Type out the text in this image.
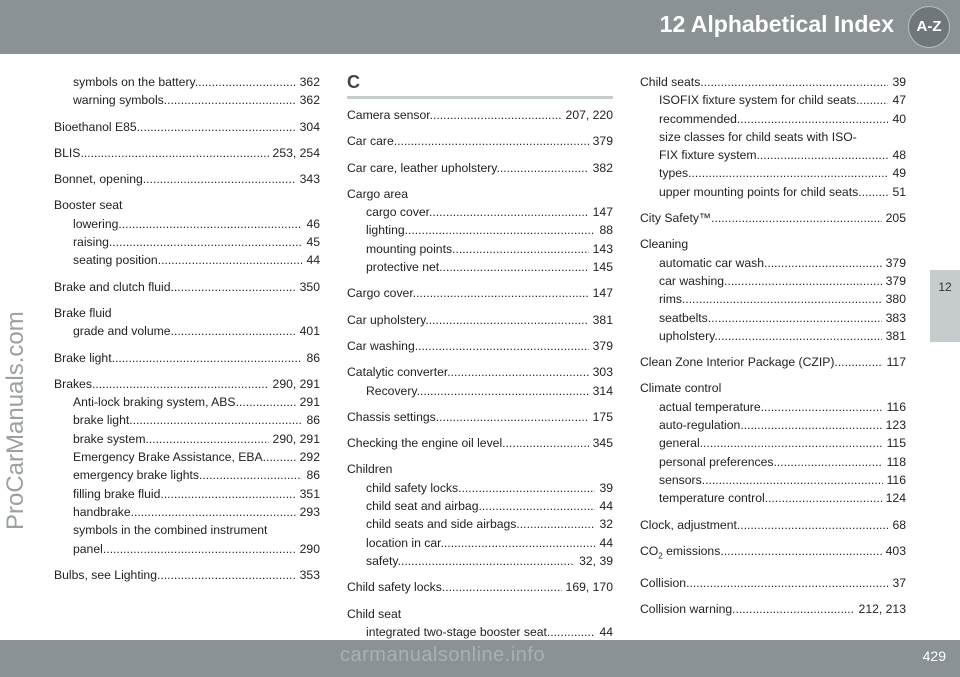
12 Alphabetical Index	A-Z
12
ProCarManuals.com
symbols on the battery .....	362
warning symbols .....	362
Bioethanol E85 .....	304
BLIS .....	253, 254
Bonnet, opening .....	343
Booster seat
lowering .....	46
raising .....	45
seating position .....	44
Brake and clutch fluid .....	350
Brake fluid
grade and volume .....	401
Brake light .....	86
Brakes .....	290, 291
Anti-lock braking system, ABS .....	291
brake light .....	86
brake system .....	290, 291
Emergency Brake Assistance, EBA .....	292
emergency brake lights .....	86
filling brake fluid .....	351
handbrake .....	293
symbols in the combined instrument
panel .....	290
Bulbs, see Lighting .....	353
C
Camera sensor .....	207, 220
Car care .....	379
Car care, leather upholstery .....	382
Cargo area
cargo cover .....	147
lighting .....	88
mounting points .....	143
protective net .....	145
Cargo cover .....	147
Car upholstery .....	381
Car washing .....	379
Catalytic converter .....	303
Recovery .....	314
Chassis settings .....	175
Checking the engine oil level .....	345
Children
child safety locks .....	39
child seat and airbag .....	44
child seats and side airbags .....	32
location in car .....	44
safety .....	32, 39
Child safety locks .....	169, 170
Child seat
integrated two-stage booster seat .....	44
Child seats .....	39
ISOFIX fixture system for child seats .....	47
recommended .....	40
size classes for child seats with ISO-
FIX fixture system .....	48
types .....	49
upper mounting points for child seats .....	51
City Safety™ .....	205
Cleaning
automatic car wash .....	379
car washing .....	379
rims .....	380
seatbelts .....	383
upholstery .....	381
Clean Zone Interior Package (CZIP) .....	117
Climate control
actual temperature .....	116
auto-regulation .....	123
general .....	115
personal preferences .....	118
sensors .....	116
temperature control .....	124
Clock, adjustment .....	68
$CO_2$ emissions .....	403
Collision .....	37
Collision warning .....	212, 213
carmanualsonline.info	429
